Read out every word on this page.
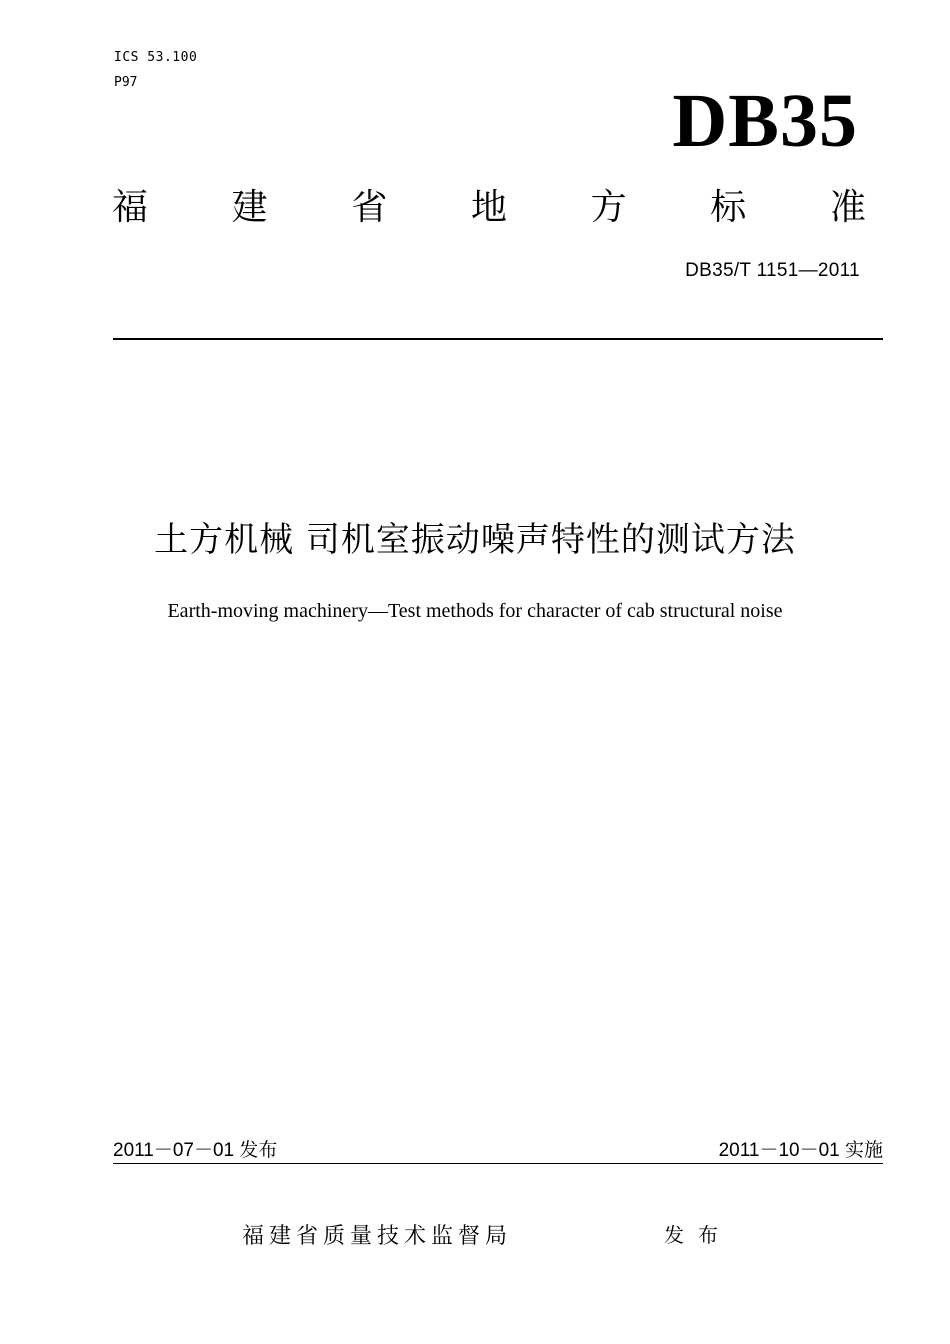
ICS 53.100
P97	DB35
福 建 省 地 方 标 准
DB35/T 1151—2011
土方机械 司机室振动噪声特性的测试方法
Earth-moving machinery—Test methods for character of cab structural noise
2011－07－01 发布	2011－10－01 实施
福建省质量技术监督局	发布
